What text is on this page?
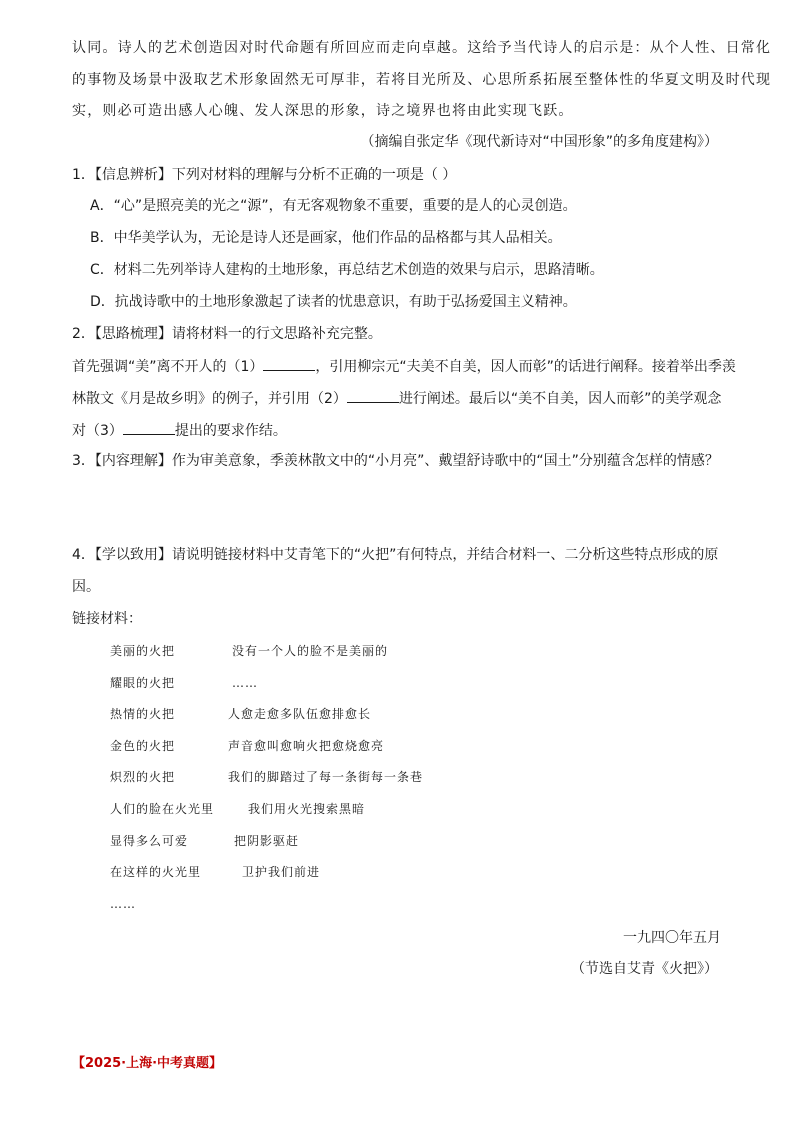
认同。诗人的艺术创造因对时代命题有所回应而走向卓越。这给予当代诗人的启示是：从个人性、日常化
的事物及场景中汲取艺术形象固然无可厚非，若将目光所及、心思所系拓展至整体性的华夏文明及时代现
实，则必可造出感人心魄、发人深思的形象，诗之境界也将由此实现飞跃。
（摘编自张定华《现代新诗对“中国形象”的多角度建构》）
1．【信息辨析】下列对材料的理解与分析不正确的一项是（ ）
A．“心”是照亮美的光之“源”，有无客观物象不重要，重要的是人的心灵创造。
B．中华美学认为，无论是诗人还是画家，他们作品的品格都与其人品相关。
C．材料二先列举诗人建构的土地形象，再总结艺术创造的效果与启示，思路清晰。
D．抗战诗歌中的土地形象激起了读者的忧患意识，有助于弘扬爱国主义精神。
2．【思路梳理】请将材料一的行文思路补充完整。
首先强调“美”离不开人的（1）	，引用柳宗元“夫美不自美，因人而彰”的话进行阐释。接着举出季羡
林散文《月是故乡明》的例子，并引用（2）	进行阐述。最后以“美不自美，因人而彰”的美学观念
对（3）	提出的要求作结。
3．【内容理解】作为审美意象，季羡林散文中的“小月亮”、戴望舒诗歌中的“国土”分别蕴含怎样的情感？
4．【学以致用】请说明链接材料中艾青笔下的“火把”有何特点，并结合材料一、二分析这些特点形成的原
因。
链接材料：
美丽的火把	没有一个人的脸不是美丽的
耀眼的火把	……
热情的火把	人愈走愈多队伍愈排愈长
金色的火把	声音愈叫愈响火把愈烧愈亮
炽烈的火把	我们的脚踏过了每一条街每一条巷
人们的脸在火光里	我们用火光搜索黑暗
显得多么可爱	把阴影驱赶
在这样的火光里	卫护我们前进
……
一九四〇年五月
（节选自艾青《火把》）
【2025·上海·中考真题】
